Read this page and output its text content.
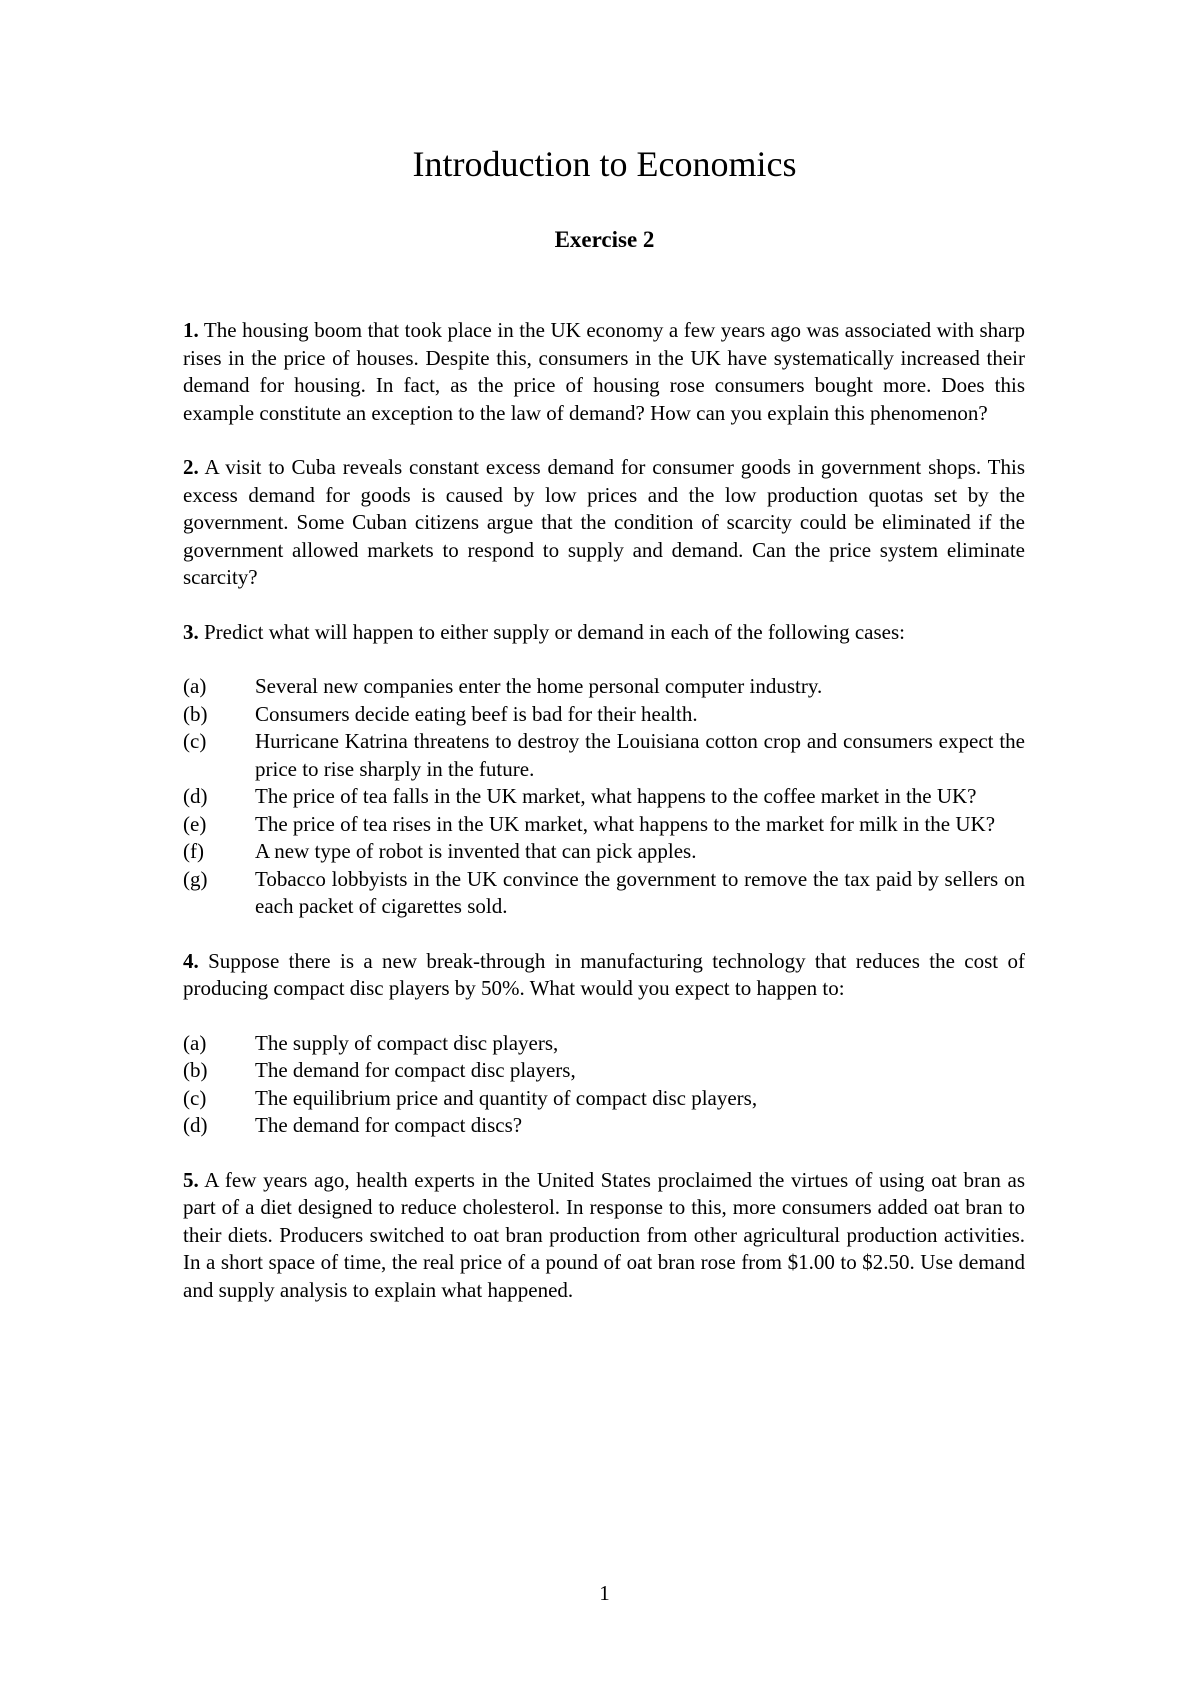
Introduction to Economics
Exercise 2

1. The housing boom that took place in the UK economy a few years ago was associated with sharp rises in the price of houses. Despite this, consumers in the UK have systematically increased their demand for housing. In fact, as the price of housing rose consumers bought more. Does this example constitute an exception to the law of demand? How can you explain this phenomenon?

2. A visit to Cuba reveals constant excess demand for consumer goods in government shops. This excess demand for goods is caused by low prices and the low production quotas set by the government. Some Cuban citizens argue that the condition of scarcity could be eliminated if the government allowed markets to respond to supply and demand. Can the price system eliminate scarcity?

3. Predict what will happen to either supply or demand in each of the following cases:

(a)	Several new companies enter the home personal computer industry.
(b)	Consumers decide eating beef is bad for their health.
(c)	Hurricane Katrina threatens to destroy the Louisiana cotton crop and consumers expect the price to rise sharply in the future.
(d)	The price of tea falls in the UK market, what happens to the coffee market in the UK?
(e)	The price of tea rises in the UK market, what happens to the market for milk in the UK?
(f)	A new type of robot is invented that can pick apples.
(g)	Tobacco lobbyists in the UK convince the government to remove the tax paid by sellers on each packet of cigarettes sold.

4. Suppose there is a new break-through in manufacturing technology that reduces the cost of producing compact disc players by 50%. What would you expect to happen to:

(a)	The supply of compact disc players,
(b)	The demand for compact disc players,
(c)	The equilibrium price and quantity of compact disc players,
(d)	The demand for compact discs?

5. A few years ago, health experts in the United States proclaimed the virtues of using oat bran as part of a diet designed to reduce cholesterol. In response to this, more consumers added oat bran to their diets. Producers switched to oat bran production from other agricultural production activities. In a short space of time, the real price of a pound of oat bran rose from $1.00 to $2.50. Use demand and supply analysis to explain what happened.

1
